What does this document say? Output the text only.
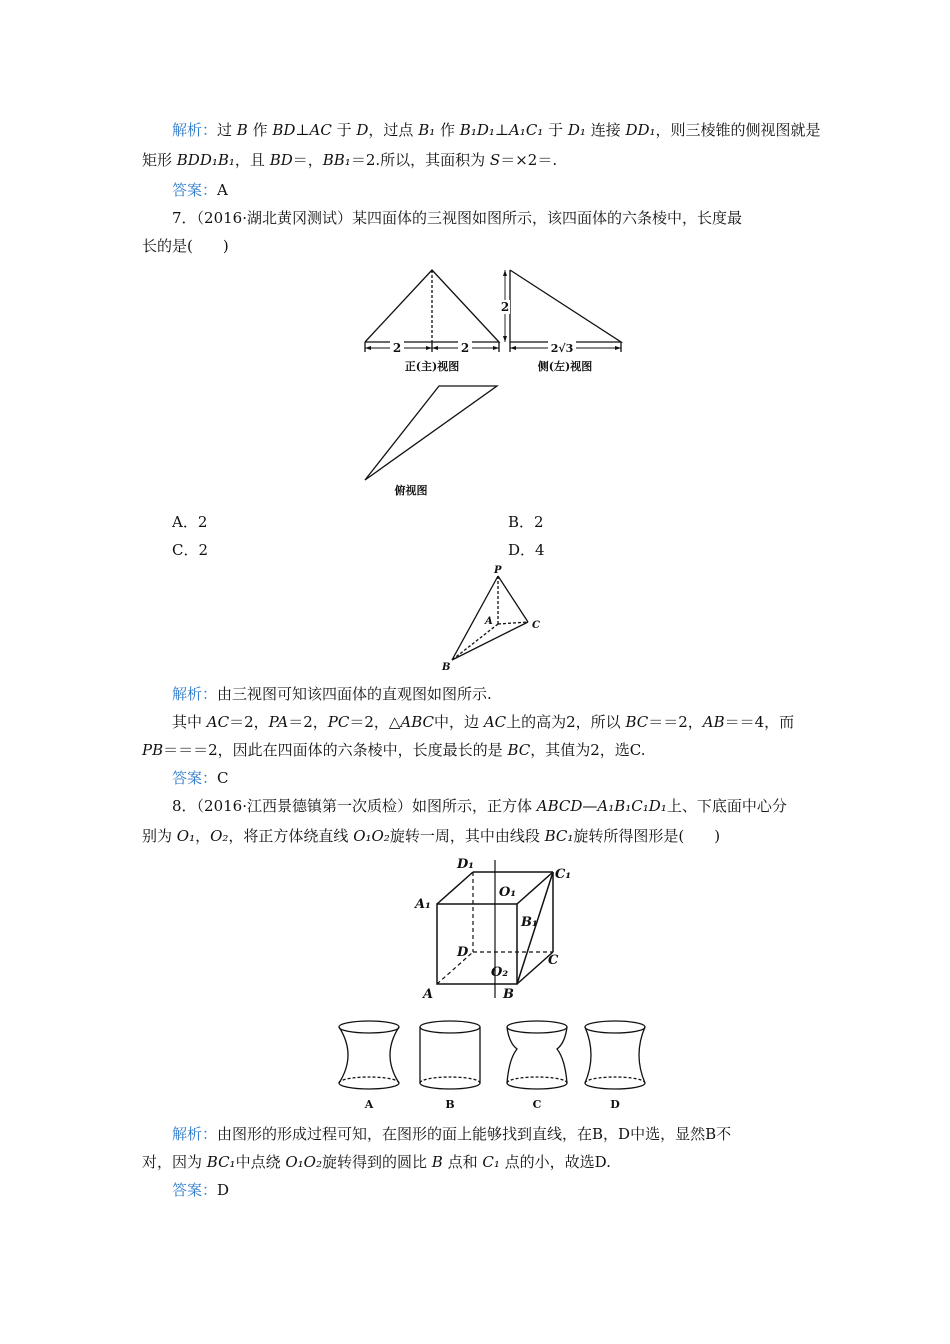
解析：过 B 作 BD⊥AC 于 D，过点 B₁ 作 B₁D₁⊥A₁C₁ 于 D₁ 连接 DD₁，则三棱锥的侧视图就是
矩形 BDD₁B₁，且 BD＝，BB₁＝2.所以，其面积为 S＝×2＝.
答案：A
7．（2016·湖北黄冈测试）某四面体的三视图如图所示，该四面体的六条棱中，长度最
长的是(　　)
2	2
正(主)视图
2
2√3
侧(左)视图
俯视图
A．2	B．2
C．2	D．4
P
A
B
C
解析：由三视图可知该四面体的直观图如图所示.
其中 AC＝2，PA＝2，PC＝2，△ABC中，边 AC上的高为2，所以 BC＝＝2，AB＝＝4，而
PB＝＝＝2，因此在四面体的六条棱中，长度最长的是 BC，其值为2，选C.
答案：C
8．（2016·江西景德镇第一次质检）如图所示，正方体 ABCD—A₁B₁C₁D₁上、下底面中心分
别为 O₁，O₂，将正方体绕直线 O₁O₂旋转一周，其中由线段 BC₁旋转所得图形是(　　)
D₁
C₁
A₁
O₁
B₁
D
C
O₂
A	B
A	B	C	D
解析：由图形的形成过程可知，在图形的面上能够找到直线，在B，D中选，显然B不
对，因为 BC₁中点绕 O₁O₂旋转得到的圆比 B 点和 C₁ 点的小，故选D.
答案：D
